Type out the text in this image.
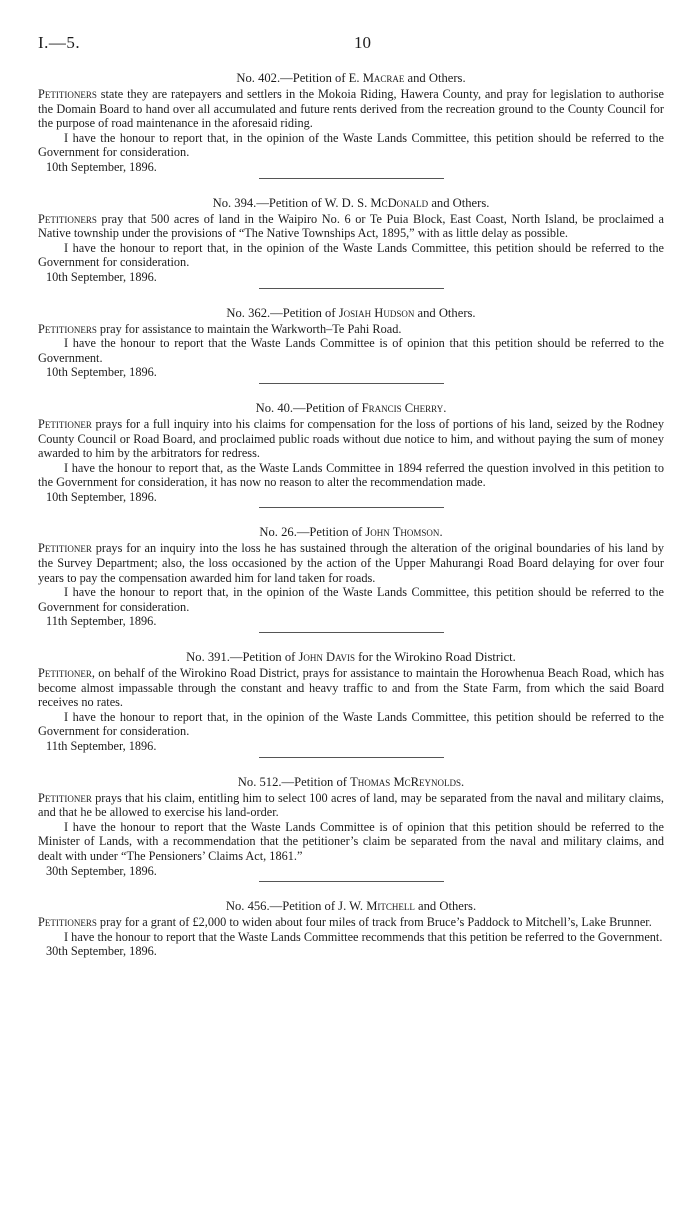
I.—5.	10
No. 402.—Petition of E. Macrae and Others.

Petitioners state they are ratepayers and settlers in the Mokoia Riding, Hawera County, and pray for legislation to authorise the Domain Board to hand over all accumulated and future rents derived from the recreation ground to the County Council for the purpose of road maintenance in the aforesaid riding.

I have the honour to report that, in the opinion of the Waste Lands Committee, this petition should be referred to the Government for consideration.

10th September, 1896.

No. 394.—Petition of W. D. S. McDonald and Others.

Petitioners pray that 500 acres of land in the Waipiro No. 6 or Te Puia Block, East Coast, North Island, be proclaimed a Native township under the provisions of “The Native Townships Act, 1895,” with as little delay as possible.

I have the honour to report that, in the opinion of the Waste Lands Committee, this petition should be referred to the Government for consideration.

10th September, 1896.

No. 362.—Petition of Josiah Hudson and Others.

Petitioners pray for assistance to maintain the Warkworth–Te Pahi Road.

I have the honour to report that the Waste Lands Committee is of opinion that this petition should be referred to the Government.

10th September, 1896.

No. 40.—Petition of Francis Cherry.

Petitioner prays for a full inquiry into his claims for compensation for the loss of portions of his land, seized by the Rodney County Council or Road Board, and proclaimed public roads without due notice to him, and without paying the sum of money awarded to him by the arbitrators for redress.

I have the honour to report that, as the Waste Lands Committee in 1894 referred the question involved in this petition to the Government for consideration, it has now no reason to alter the recommendation made.

10th September, 1896.

No. 26.—Petition of John Thomson.

Petitioner prays for an inquiry into the loss he has sustained through the alteration of the original boundaries of his land by the Survey Department; also, the loss occasioned by the action of the Upper Mahurangi Road Board delaying for over four years to pay the compensation awarded him for land taken for roads.

I have the honour to report that, in the opinion of the Waste Lands Committee, this petition should be referred to the Government for consideration.

11th September, 1896.

No. 391.—Petition of John Davis for the Wirokino Road District.

Petitioner, on behalf of the Wirokino Road District, prays for assistance to maintain the Horowhenua Beach Road, which has become almost impassable through the constant and heavy traffic to and from the State Farm, from which the said Board receives no rates.

I have the honour to report that, in the opinion of the Waste Lands Committee, this petition should be referred to the Government for consideration.

11th September, 1896.

No. 512.—Petition of Thomas McReynolds.

Petitioner prays that his claim, entitling him to select 100 acres of land, may be separated from the naval and military claims, and that he be allowed to exercise his land-order.

I have the honour to report that the Waste Lands Committee is of opinion that this petition should be referred to the Minister of Lands, with a recommendation that the petitioner’s claim be separated from the naval and military claims, and dealt with under “The Pensioners’ Claims Act, 1861.”

30th September, 1896.

No. 456.—Petition of J. W. Mitchell and Others.

Petitioners pray for a grant of £2,000 to widen about four miles of track from Bruce’s Paddock to Mitchell’s, Lake Brunner.

I have the honour to report that the Waste Lands Committee recommends that this petition be referred to the Government.

30th September, 1896.
